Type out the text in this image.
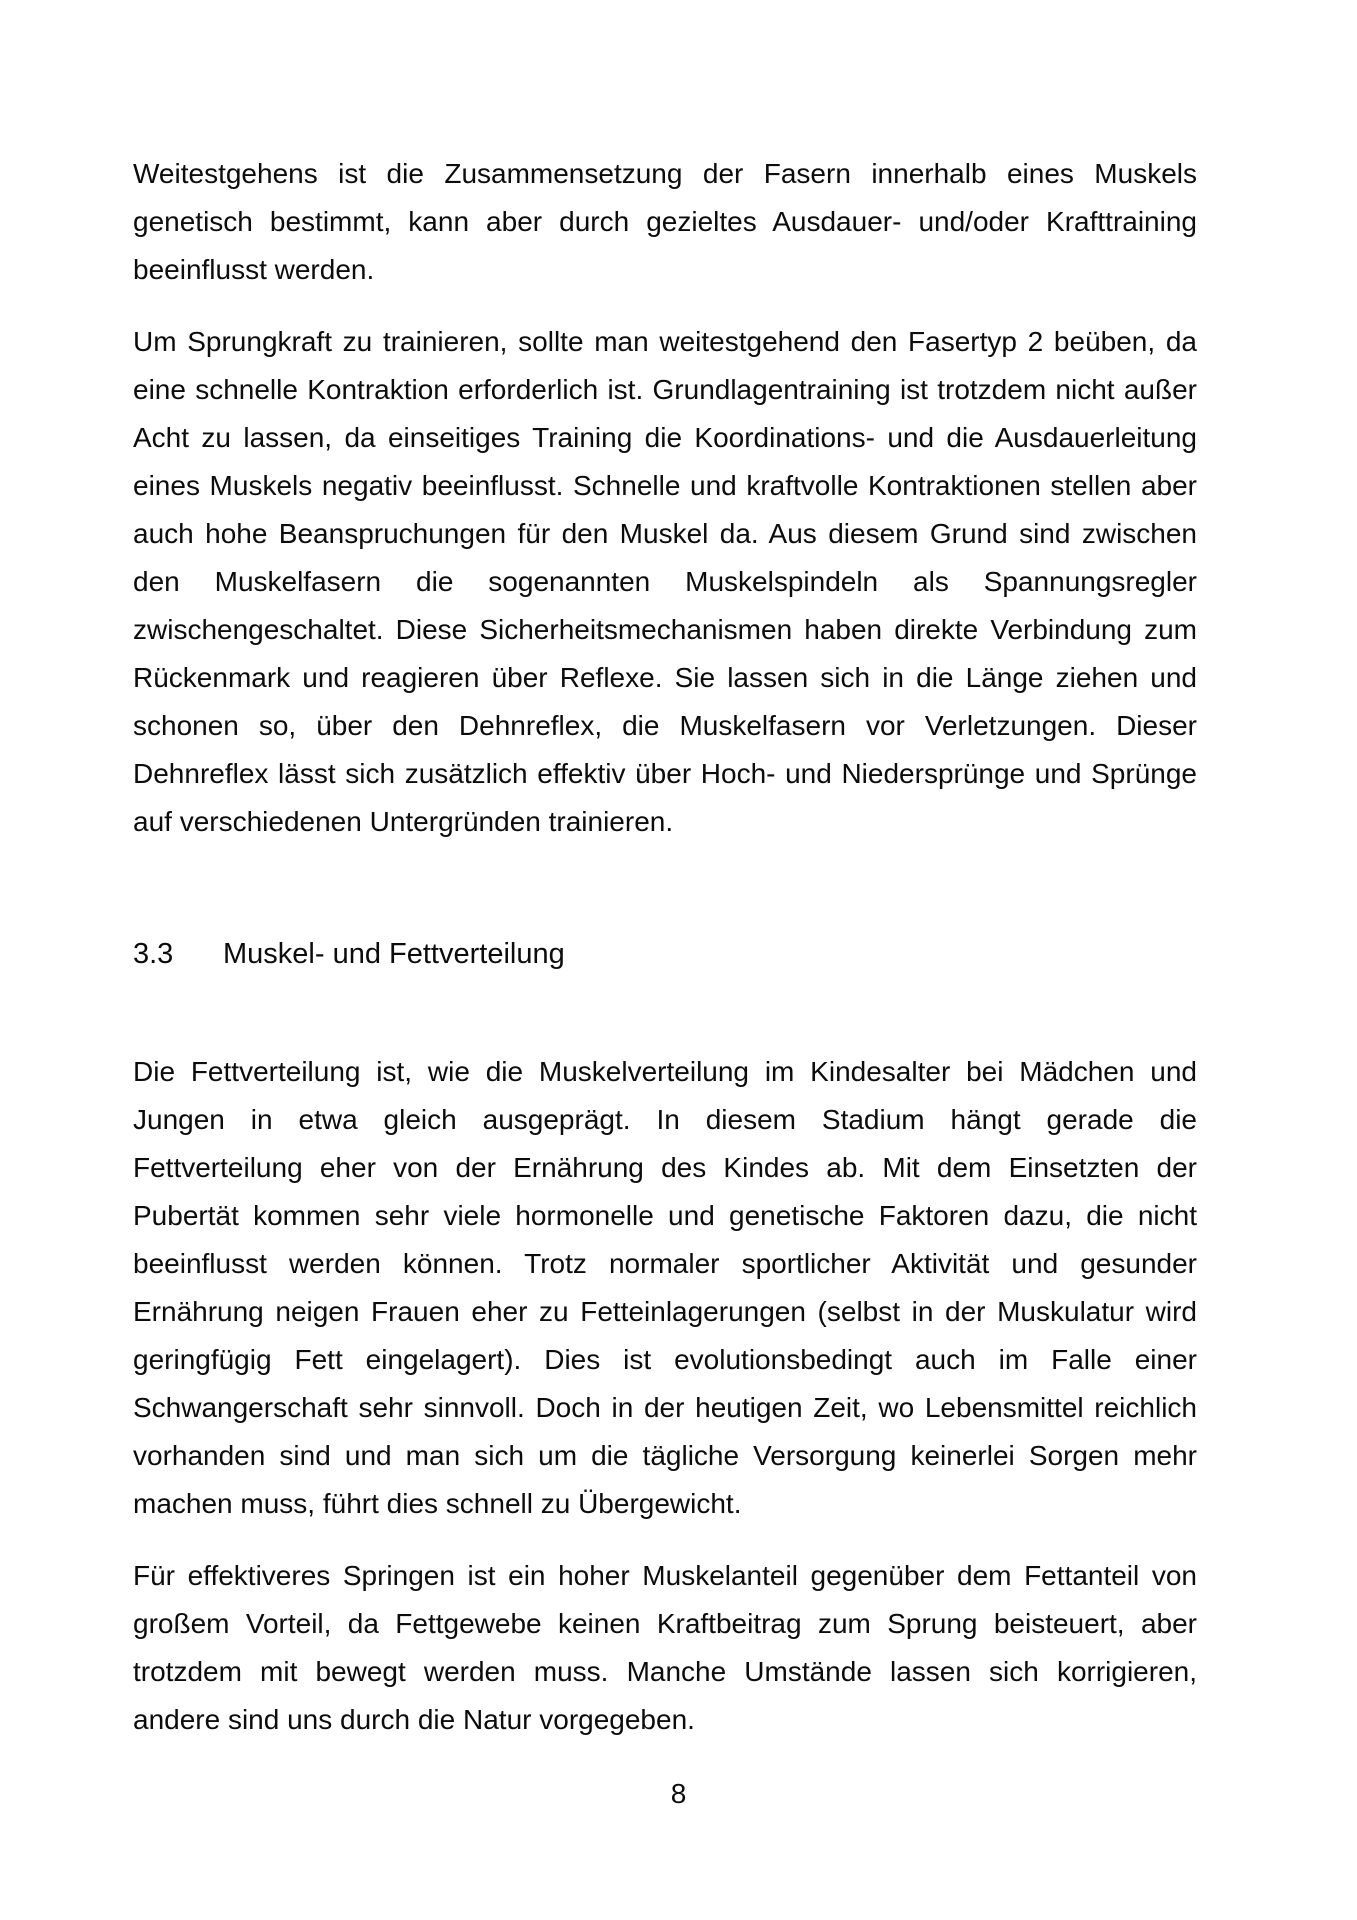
Weitestgehens ist die Zusammensetzung der Fasern innerhalb eines Muskels
genetisch bestimmt, kann aber durch gezieltes Ausdauer- und/oder Krafttraining
beeinflusst werden.
Um Sprungkraft zu trainieren, sollte man weitestgehend den Fasertyp 2 beüben, da
eine schnelle Kontraktion erforderlich ist. Grundlagentraining ist trotzdem nicht außer
Acht zu lassen, da einseitiges Training die Koordinations- und die Ausdauerleitung
eines Muskels negativ beeinflusst. Schnelle und kraftvolle Kontraktionen stellen aber
auch hohe Beanspruchungen für den Muskel da. Aus diesem Grund sind zwischen
den Muskelfasern die sogenannten Muskelspindeln als Spannungsregler
zwischengeschaltet. Diese Sicherheitsmechanismen haben direkte Verbindung zum
Rückenmark und reagieren über Reflexe. Sie lassen sich in die Länge ziehen und
schonen so, über den Dehnreflex, die Muskelfasern vor Verletzungen. Dieser
Dehnreflex lässt sich zusätzlich effektiv über Hoch- und Niedersprünge und Sprünge
auf verschiedenen Untergründen trainieren.
3.3 Muskel- und Fettverteilung
Die Fettverteilung ist, wie die Muskelverteilung im Kindesalter bei Mädchen und
Jungen in etwa gleich ausgeprägt. In diesem Stadium hängt gerade die
Fettverteilung eher von der Ernährung des Kindes ab. Mit dem Einsetzten der
Pubertät kommen sehr viele hormonelle und genetische Faktoren dazu, die nicht
beeinflusst werden können. Trotz normaler sportlicher Aktivität und gesunder
Ernährung neigen Frauen eher zu Fetteinlagerungen (selbst in der Muskulatur wird
geringfügig Fett eingelagert). Dies ist evolutionsbedingt auch im Falle einer
Schwangerschaft sehr sinnvoll. Doch in der heutigen Zeit, wo Lebensmittel reichlich
vorhanden sind und man sich um die tägliche Versorgung keinerlei Sorgen mehr
machen muss, führt dies schnell zu Übergewicht.
Für effektiveres Springen ist ein hoher Muskelanteil gegenüber dem Fettanteil von
großem Vorteil, da Fettgewebe keinen Kraftbeitrag zum Sprung beisteuert, aber
trotzdem mit bewegt werden muss. Manche Umstände lassen sich korrigieren,
andere sind uns durch die Natur vorgegeben.
8
